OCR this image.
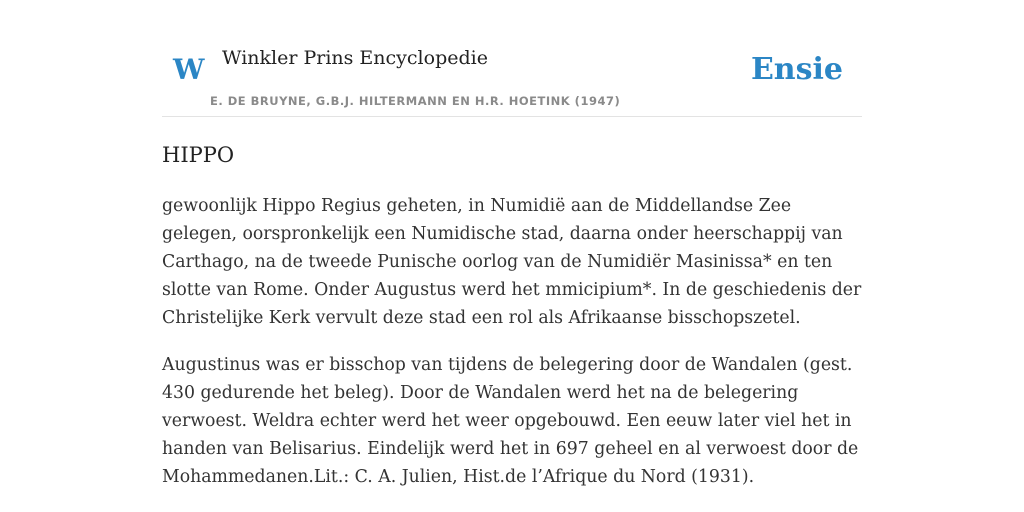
W Winkler Prins Encyclopedie
E. DE BRUYNE, G.B.J. HILTERMANN EN H.R. HOETINK (1947)
Ensie
HIPPO

gewoonlijk Hippo Regius geheten, in Numidië aan de Middellandse Zee gelegen, oorspronkelijk een Numidische stad, daarna onder heerschappij van Carthago, na de tweede Punische oorlog van de Numidiër Masinissa* en ten slotte van Rome. Onder Augustus werd het mmicipium*. In de geschiedenis der Christelijke Kerk vervult deze stad een rol als Afrikaanse bisschopszetel.

Augustinus was er bisschop van tijdens de belegering door de Wandalen (gest. 430 gedurende het beleg). Door de Wandalen werd het na de belegering verwoest. Weldra echter werd het weer opgebouwd. Een eeuw later viel het in handen van Belisarius. Eindelijk werd het in 697 geheel en al verwoest door de Mohammedanen.Lit.: C. A. Julien, Hist.de l’Afrique du Nord (1931).
